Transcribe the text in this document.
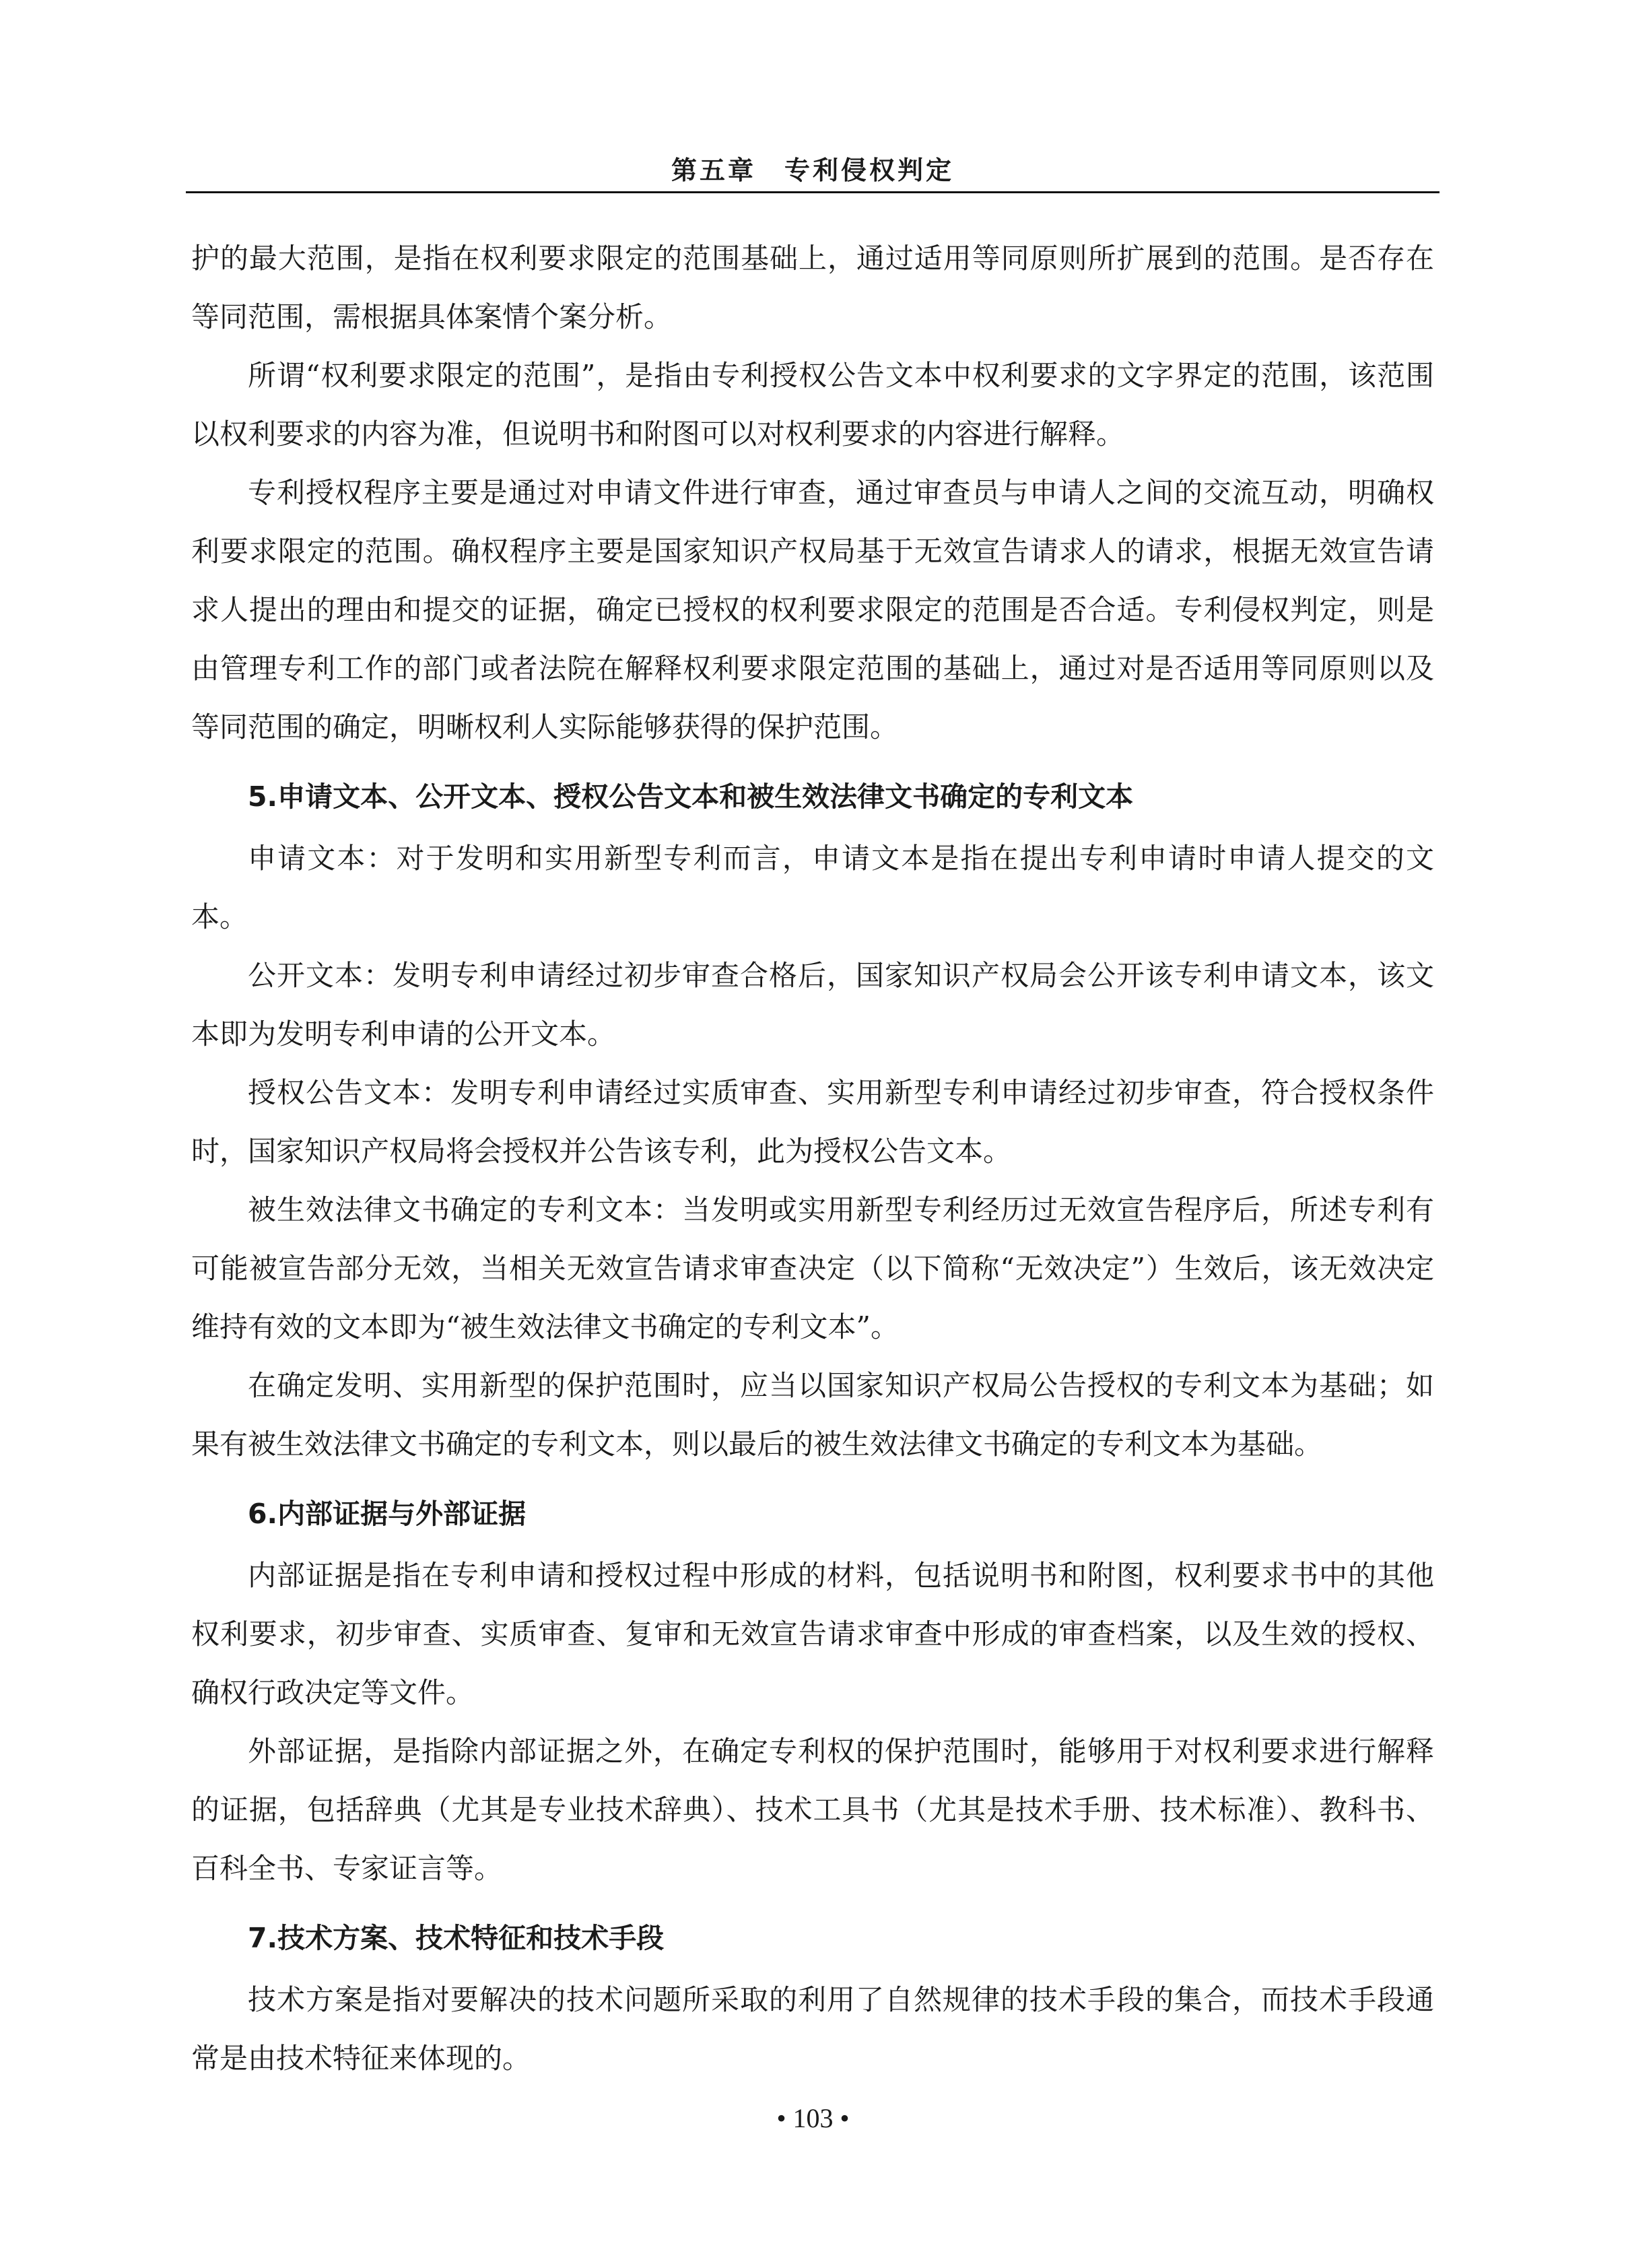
第五章　专利侵权判定

护的最大范围，是指在权利要求限定的范围基础上，通过适用等同原则所扩展到的范围。是否存在等同范围，需根据具体案情个案分析。

所谓“权利要求限定的范围”，是指由专利授权公告文本中权利要求的文字界定的范围，该范围以权利要求的内容为准，但说明书和附图可以对权利要求的内容进行解释。

专利授权程序主要是通过对申请文件进行审查，通过审查员与申请人之间的交流互动，明确权利要求限定的范围。确权程序主要是国家知识产权局基于无效宣告请求人的请求，根据无效宣告请求人提出的理由和提交的证据，确定已授权的权利要求限定的范围是否合适。专利侵权判定，则是由管理专利工作的部门或者法院在解释权利要求限定范围的基础上，通过对是否适用等同原则以及等同范围的确定，明晰权利人实际能够获得的保护范围。

5.申请文本、公开文本、授权公告文本和被生效法律文书确定的专利文本

申请文本：对于发明和实用新型专利而言，申请文本是指在提出专利申请时申请人提交的文本。

公开文本：发明专利申请经过初步审查合格后，国家知识产权局会公开该专利申请文本，该文本即为发明专利申请的公开文本。

授权公告文本：发明专利申请经过实质审查、实用新型专利申请经过初步审查，符合授权条件时，国家知识产权局将会授权并公告该专利，此为授权公告文本。

被生效法律文书确定的专利文本：当发明或实用新型专利经历过无效宣告程序后，所述专利有可能被宣告部分无效，当相关无效宣告请求审查决定（以下简称“无效决定”）生效后，该无效决定维持有效的文本即为“被生效法律文书确定的专利文本”。

在确定发明、实用新型的保护范围时，应当以国家知识产权局公告授权的专利文本为基础；如果有被生效法律文书确定的专利文本，则以最后的被生效法律文书确定的专利文本为基础。

6.内部证据与外部证据

内部证据是指在专利申请和授权过程中形成的材料，包括说明书和附图，权利要求书中的其他权利要求，初步审查、实质审查、复审和无效宣告请求审查中形成的审查档案，以及生效的授权、确权行政决定等文件。

外部证据，是指除内部证据之外，在确定专利权的保护范围时，能够用于对权利要求进行解释的证据，包括辞典（尤其是专业技术辞典）、技术工具书（尤其是技术手册、技术标准）、教科书、百科全书、专家证言等。

7.技术方案、技术特征和技术手段

技术方案是指对要解决的技术问题所采取的利用了自然规律的技术手段的集合，而技术手段通常是由技术特征来体现的。

• 103 •
